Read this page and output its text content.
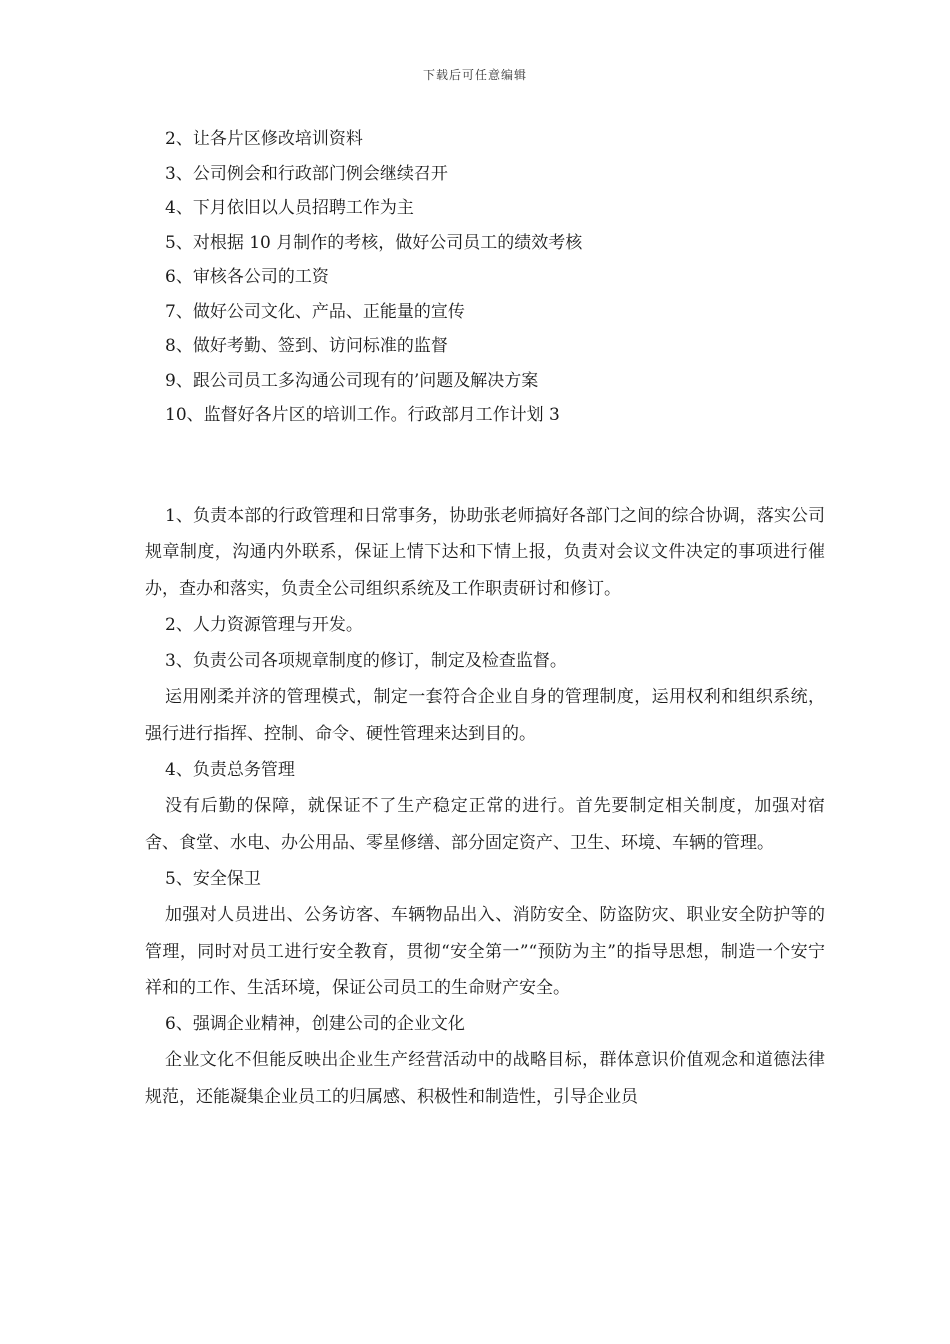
下载后可任意编辑
2、让各片区修改培训资料
3、公司例会和行政部门例会继续召开
4、下月依旧以人员招聘工作为主
5、对根据 10 月制作的考核，做好公司员工的绩效考核
6、审核各公司的工资
7、做好公司文化、产品、正能量的宣传
8、做好考勤、签到、访问标准的监督
9、跟公司员工多沟通公司现有的’问题及解决方案
10、监督好各片区的培训工作。行政部月工作计划 3

1、负责本部的行政管理和日常事务，协助张老师搞好各部门之间的综合协调，落实公司规章制度，沟通内外联系，保证上情下达和下情上报，负责对会议文件决定的事项进行催办，查办和落实，负责全公司组织系统及工作职责研讨和修订。

2、人力资源管理与开发。

3、负责公司各项规章制度的修订，制定及检查监督。

运用刚柔并济的管理模式，制定一套符合企业自身的管理制度，运用权利和组织系统，强行进行指挥、控制、命令、硬性管理来达到目的。

4、负责总务管理

没有后勤的保障，就保证不了生产稳定正常的进行。首先要制定相关制度，加强对宿舍、食堂、水电、办公用品、零星修缮、部分固定资产、卫生、环境、车辆的管理。

5、安全保卫

加强对人员进出、公务访客、车辆物品出入、消防安全、防盗防灾、职业安全防护等的管理，同时对员工进行安全教育，贯彻“安全第一”“预防为主”的指导思想，制造一个安宁祥和的工作、生活环境，保证公司员工的生命财产安全。

6、强调企业精神，创建公司的企业文化

企业文化不但能反映出企业生产经营活动中的战略目标，群体意识价值观念和道德法律规范，还能凝集企业员工的归属感、积极性和制造性，引导企业员
